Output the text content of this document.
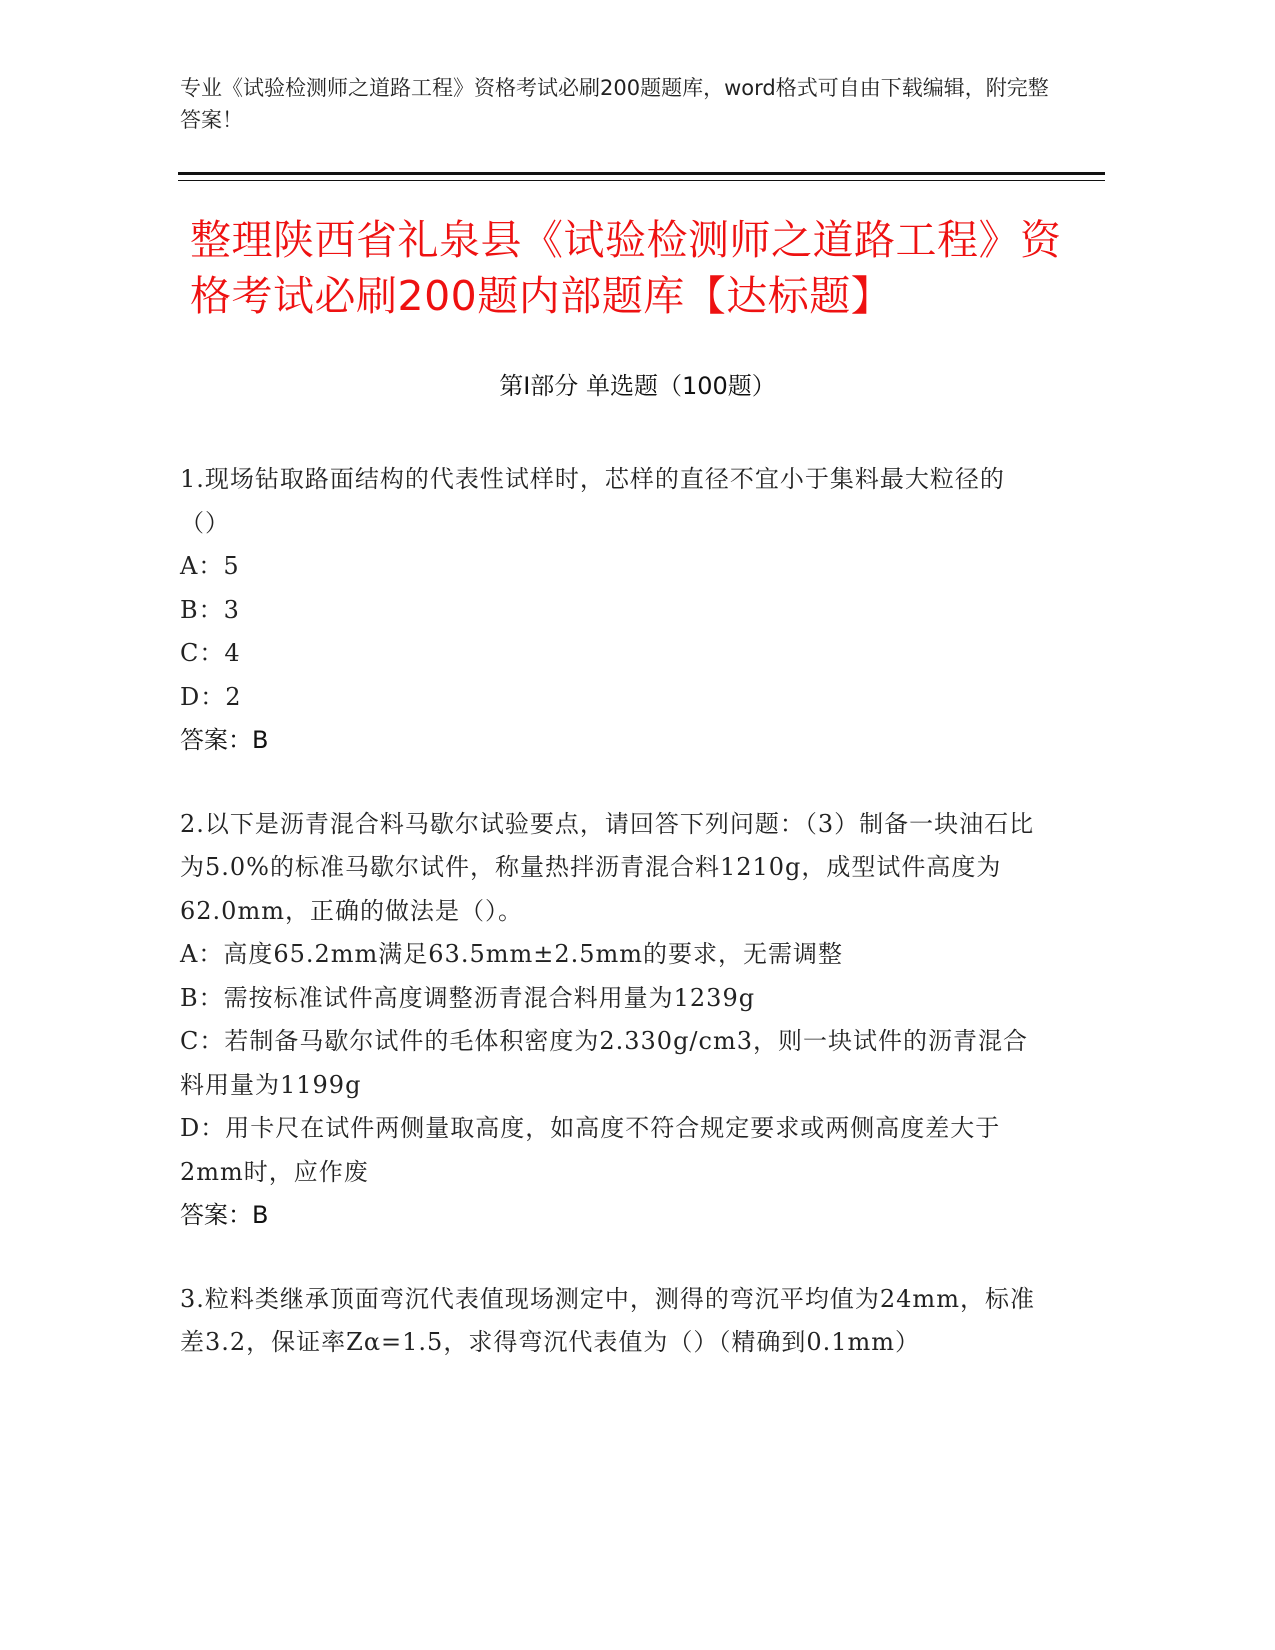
专业《试验检测师之道路工程》资格考试必刷200题题库，word格式可自由下载编辑，附完整答案！
整理陕西省礼泉县《试验检测师之道路工程》资格考试必刷200题内部题库【达标题】
第I部分 单选题（100题）
1.现场钻取路面结构的代表性试样时，芯样的直径不宜小于集料最大粒径的（）
A：5
B：3
C：4
D：2
答案：B
2.以下是沥青混合料马歇尔试验要点，请回答下列问题：（3）制备一块油石比为5.0%的标准马歇尔试件，称量热拌沥青混合料1210g，成型试件高度为62.0mm，正确的做法是（）。
A：高度65.2mm满足63.5mm±2.5mm的要求，无需调整
B：需按标准试件高度调整沥青混合料用量为1239g
C：若制备马歇尔试件的毛体积密度为2.330g/cm3，则一块试件的沥青混合料用量为1199g
D：用卡尺在试件两侧量取高度，如高度不符合规定要求或两侧高度差大于2mm时，应作废
答案：B
3.粒料类继承顶面弯沉代表值现场测定中，测得的弯沉平均值为24mm，标准差3.2，保证率Zα=1.5，求得弯沉代表值为（）（精确到0.1mm）
